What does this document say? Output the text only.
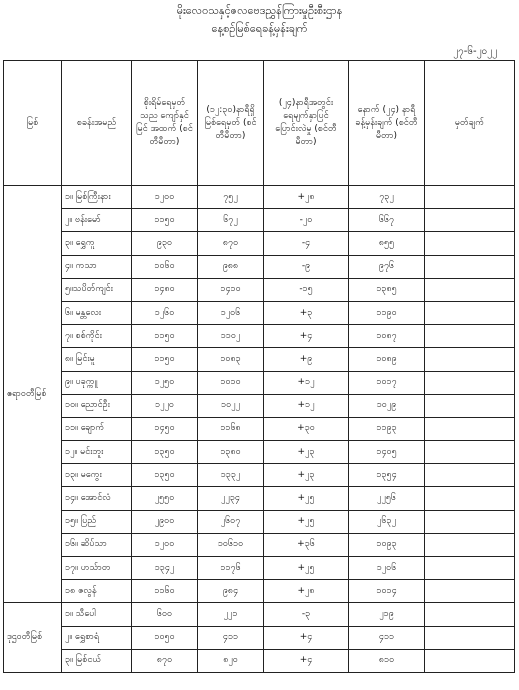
မိုးလေဝသနှင့်ဇလဗေဒညွှန်ကြားမှုဦးစီးဌာန
နေ့စဉ်မြစ်ရေခန့်မှန်းချက်
၂၇-၆-၂၀၂၂
မြစ်	စခန်းအမည်	စိုးရိမ်ရေမှတ် သည ကျော်နှင်မြင် အထက် (စင်တီမီတာ)	(၁၂:၃၀)နာရီရှိ မြစ်ရေမှတ် (စင်တီမီတာ)	(၂၄)နာရီအတွင်း ရေမျက်နှာပြင် ပြောင်းလဲမှု (စင်တီမီတာ)	နောက် (၂၄) နာရီ ခန့်မှန်းချက် (စင်တီမီတာ)	မှတ်ချက်
ဧရာဝတီမြစ်	၁။ မြစ်ကြီးနား	၁၂၀၀	၇၅၂	+၂၈	၇၃၂	
	၂။ ဗန်းမော်	၁၁၅၀	၆၇၂	-၂၀	၆၆၇	
	၃။ ရွှေကူ	၉၃၀	၈၇၀	-၄	၈၅၅	
	၄။ ကသာ	၁၀၆၀	၉၈၈	-၉	၉၇၆	
	၅။သပိတ်ကျင်း	၁၄၈၀	၁၄၁၀	-၁၅	၁၃၈၅	
	၆။ မန္တလေး	၁၂၆၀	၁၂၀၆	+၃	၁၁၉၀	
	၇။ စစ်ကိုင်း	၁၁၅၀	၁၁၀၂	+၄	၁၀၈၇	
	၈။ မြင်းမူ	၁၁၅၀	၁၀၈၃	+၉	၁၀၈၉	
	၉။ ပခုက္ကူ	၁၂၅၀	၁၀၁၀	+၁၂	၁၀၁၇	
	၁၀။ ညောင်ဦး	၁၂၂၀	၁၀၂၂	+၁၂	၁၀၂၉	
	၁၁။ ချောက်	၁၄၅၀	၁၁၆၈	+၃၀	၁၁၉၃	
	၁၂။ မင်းဘူး	၁၃၅၀	၁၃၈၀	+၂၃	၁၄၀၅	
	၁၃။ မကွေး	၁၃၅၀	၁၃၃၂	+၂၃	၁၃၅၄	
	၁၄။ အောင်လံ	၂၅၅၀	၂၂၃၄	+၂၅	၂၂၅၆	
	၁၅။ ပြည်	၂၉၀၀	၂၆၀၇	+၂၅	၂၆၃၂	
	၁၆။ ဆိပ်သာ	၁၂၀၀	၁၀၆၁၀	+၃၆	၁၀၉၃	
	၁၇။ ဟသ်ာတ	၁၃၄၂	၁၁၇၆	+၂၅	၁၂၀၆	
	၁၈ ဇလွန်	၁၁၆၀	၉၈၄	+၂၈	၁၀၁၄	
ဒုဌဝတီမြစ်	၁။ သီပေါ	၆၀၀	၂၂၁	-၃	၂၁၉	
	၂။ ရွှေစာရံ	၁၀၅၀	၄၁၁	+၄	၄၁၁	
	၃။ မြစ်ငယ်	၈၇၀	၈၂၀	+၄	၈၁၀	
